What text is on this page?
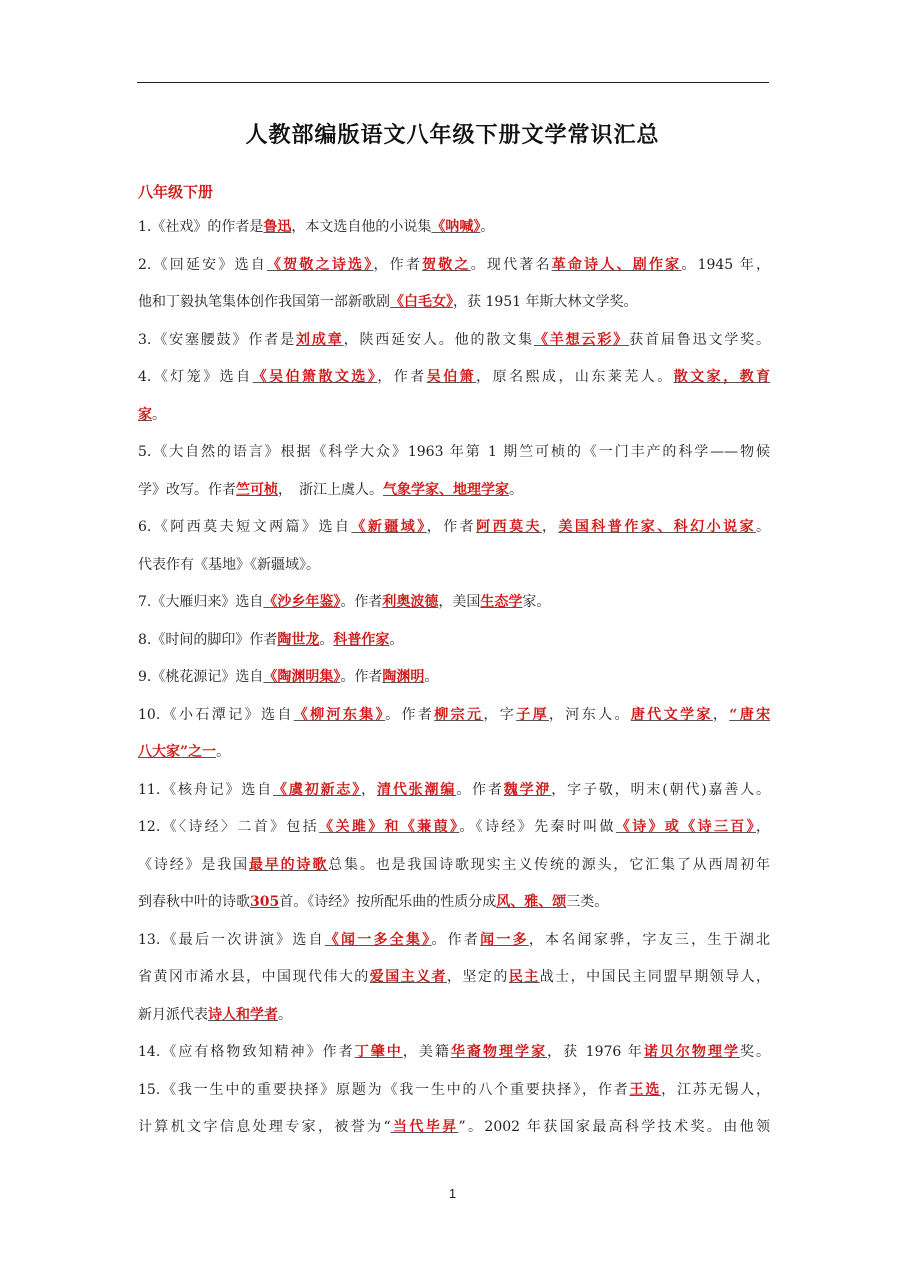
人教部编版语文八年级下册文学常识汇总
八年级下册
1.《社戏》的作者是鲁迅，本文选自他的小说集《呐喊》。
2.《回延安》选自《贺敬之诗选》，作者贺敬之。现代著名革命诗人、剧作家。1945 年，
他和丁毅执笔集体创作我国第一部新歌剧《白毛女》，获 1951 年斯大林文学奖。
3.《安塞腰鼓》作者是刘成章，陕西延安人。他的散文集《羊想云彩》获首届鲁迅文学奖。
4.《灯笼》选自《吴伯箫散文选》，作者吴伯箫，原名熙成，山东莱芜人。散文家，教育
家。
5.《大自然的语言》根据《科学大众》1963 年第 1 期竺可桢的《一门丰产的科学——物候
学》改写。作者竺可桢，　浙江上虞人。气象学家、地理学家。
6.《阿西莫夫短文两篇》选自《新疆域》，作者阿西莫夫，美国科普作家、科幻小说家。
代表作有《基地》《新疆域》。
7.《大雁归来》选自《沙乡年鉴》。作者利奥波德，美国生态学家。
8.《时间的脚印》作者陶世龙。科普作家。
9.《桃花源记》选自《陶渊明集》。作者陶渊明。
10.《小石潭记》选自《柳河东集》。作者柳宗元，字子厚，河东人。唐代文学家，“唐宋
八大家”之一。
11.《核舟记》选自《虞初新志》，清代张潮编。作者魏学洢，字子敬，明末(朝代)嘉善人。
12.《〈诗经〉二首》包括《关雎》和《蒹葭》。《诗经》先秦时叫做《诗》或《诗三百》，
《诗经》是我国最早的诗歌总集。也是我国诗歌现实主义传统的源头，它汇集了从西周初年
到春秋中叶的诗歌305首。《诗经》按所配乐曲的性质分成风、雅、颂三类。
13.《最后一次讲演》选自《闻一多全集》。作者闻一多，本名闻家骅，字友三，生于湖北
省黄冈市浠水县，中国现代伟大的爱国主义者，坚定的民主战士，中国民主同盟早期领导人，
新月派代表诗人和学者。
14.《应有格物致知精神》作者丁肇中，美籍华裔物理学家，获 1976 年诺贝尔物理学奖。
15.《我一生中的重要抉择》原题为《我一生中的八个重要抉择》，作者王选，江苏无锡人，
计算机文字信息处理专家，被誉为“当代毕昇”。2002 年获国家最高科学技术奖。由他领
1
